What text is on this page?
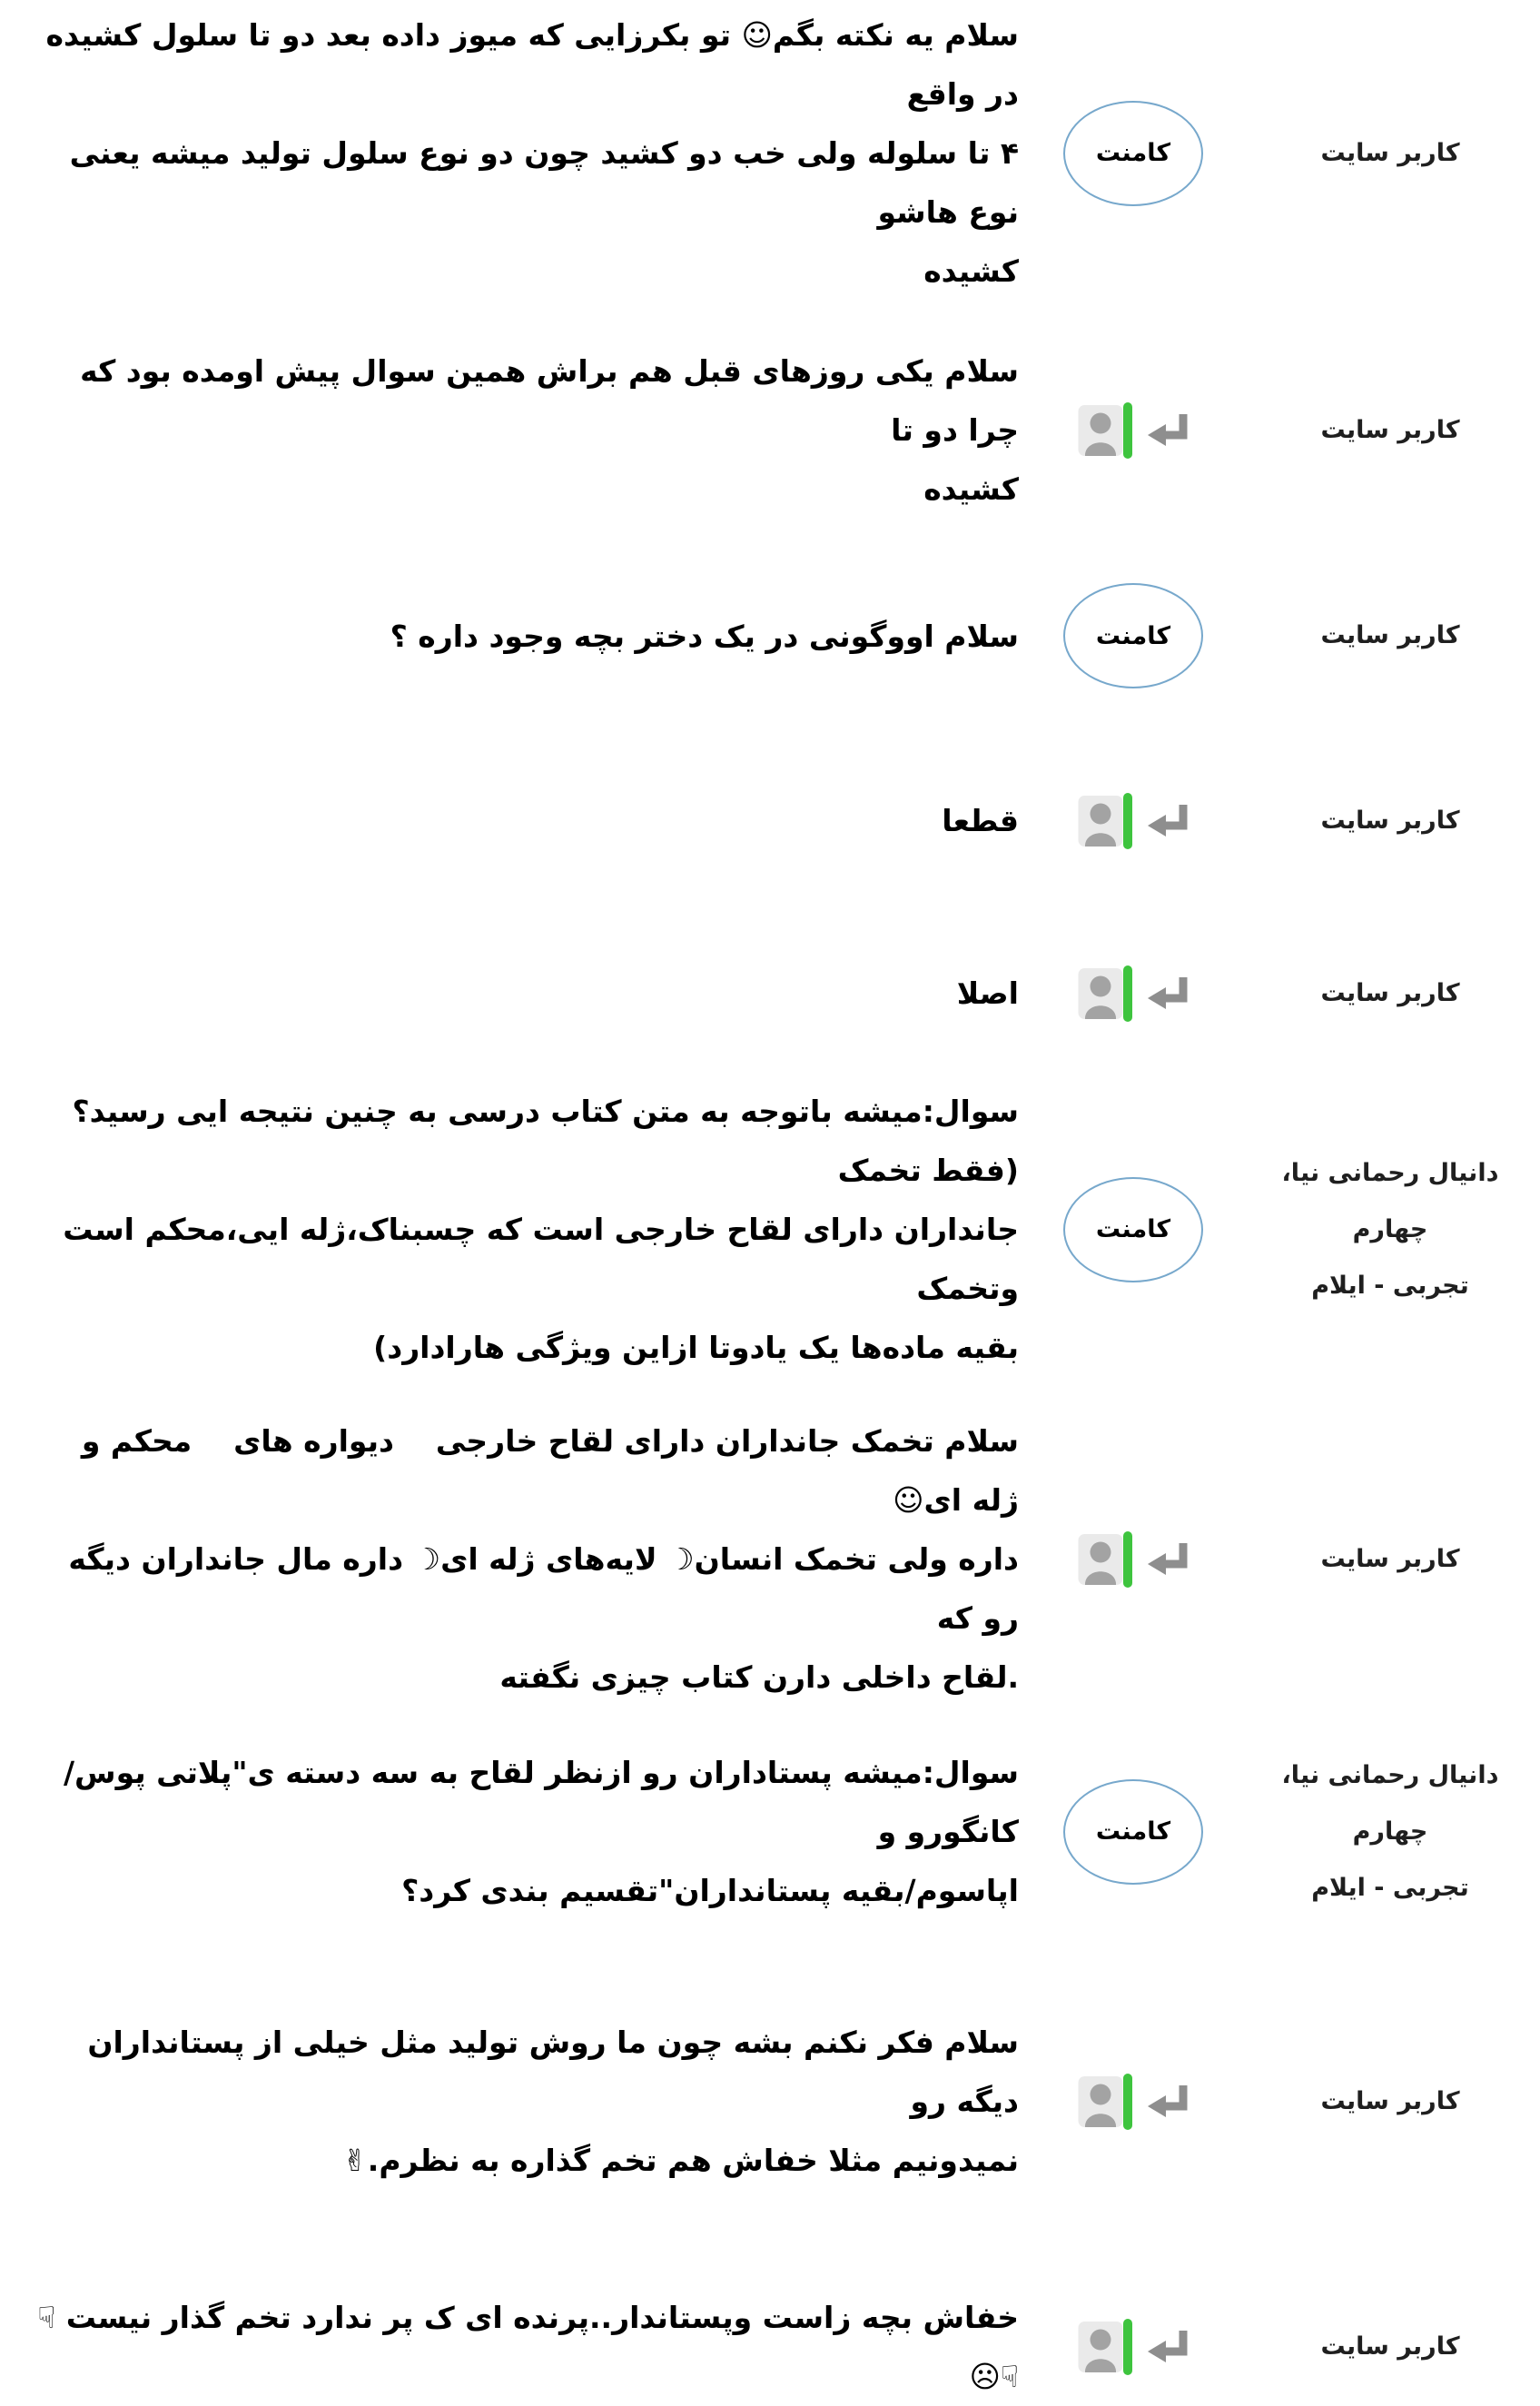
کاربر سایت
کامنت
سلام یه نکته بگم☺ تو بکرزایی که میوز داده بعد دو تا سلول کشیده در واقع
۴ تا سلوله ولی خب دو کشید چون دو نوع سلول تولید میشه یعنی نوع هاشو
کشیده
کاربر سایت
سلام یکی روزهای قبل هم براش همین سوال پیش اومده بود که چرا دو تا
کشیده
کاربر سایت
کامنت
سلام اووگونی در یک دختر بچه وجود داره ؟
کاربر سایت
قطعا
کاربر سایت
اصلا
دانیال رحمانی نیا، چهارم
تجربی - ایلام
کامنت
سوال:میشه باتوجه به متن کتاب درسی به چنین نتیجه ایی رسید؟(فقط تخمک
جانداران دارای لقاح خارجی است که چسبناک،ژله ایی،محکم است وتخمک
بقیه ماده‌ها یک یادوتا ازاین ویژگی هارادارد)
کاربر سایت
سلام تخمک جانداران دارای لقاح خارجی    دیواره های    محکم و ژله ای☺
داره ولی تخمک انسان☽ لایه‌های ژله ای☽ داره مال جانداران دیگه رو که
.لقاح داخلی دارن کتاب چیزی نگفته
دانیال رحمانی نیا، چهارم
تجربی - ایلام
کامنت
سوال:میشه پستاداران رو ازنظر لقاح به سه دسته ی"پلاتی پوس/کانگورو و
اپاسوم/بقیه پستانداران"تقسیم بندی کرد؟
کاربر سایت
سلام فکر نکنم بشه چون ما روش تولید مثل خیلی از پستانداران دیگه رو
نمیدونیم مثلا خفاش هم تخم گذاره به نظرم.✌
کاربر سایت
خفاش بچه زاست وپستاندار..پرنده ای ک پر ندارد تخم گذار نیست ☟☟☹
